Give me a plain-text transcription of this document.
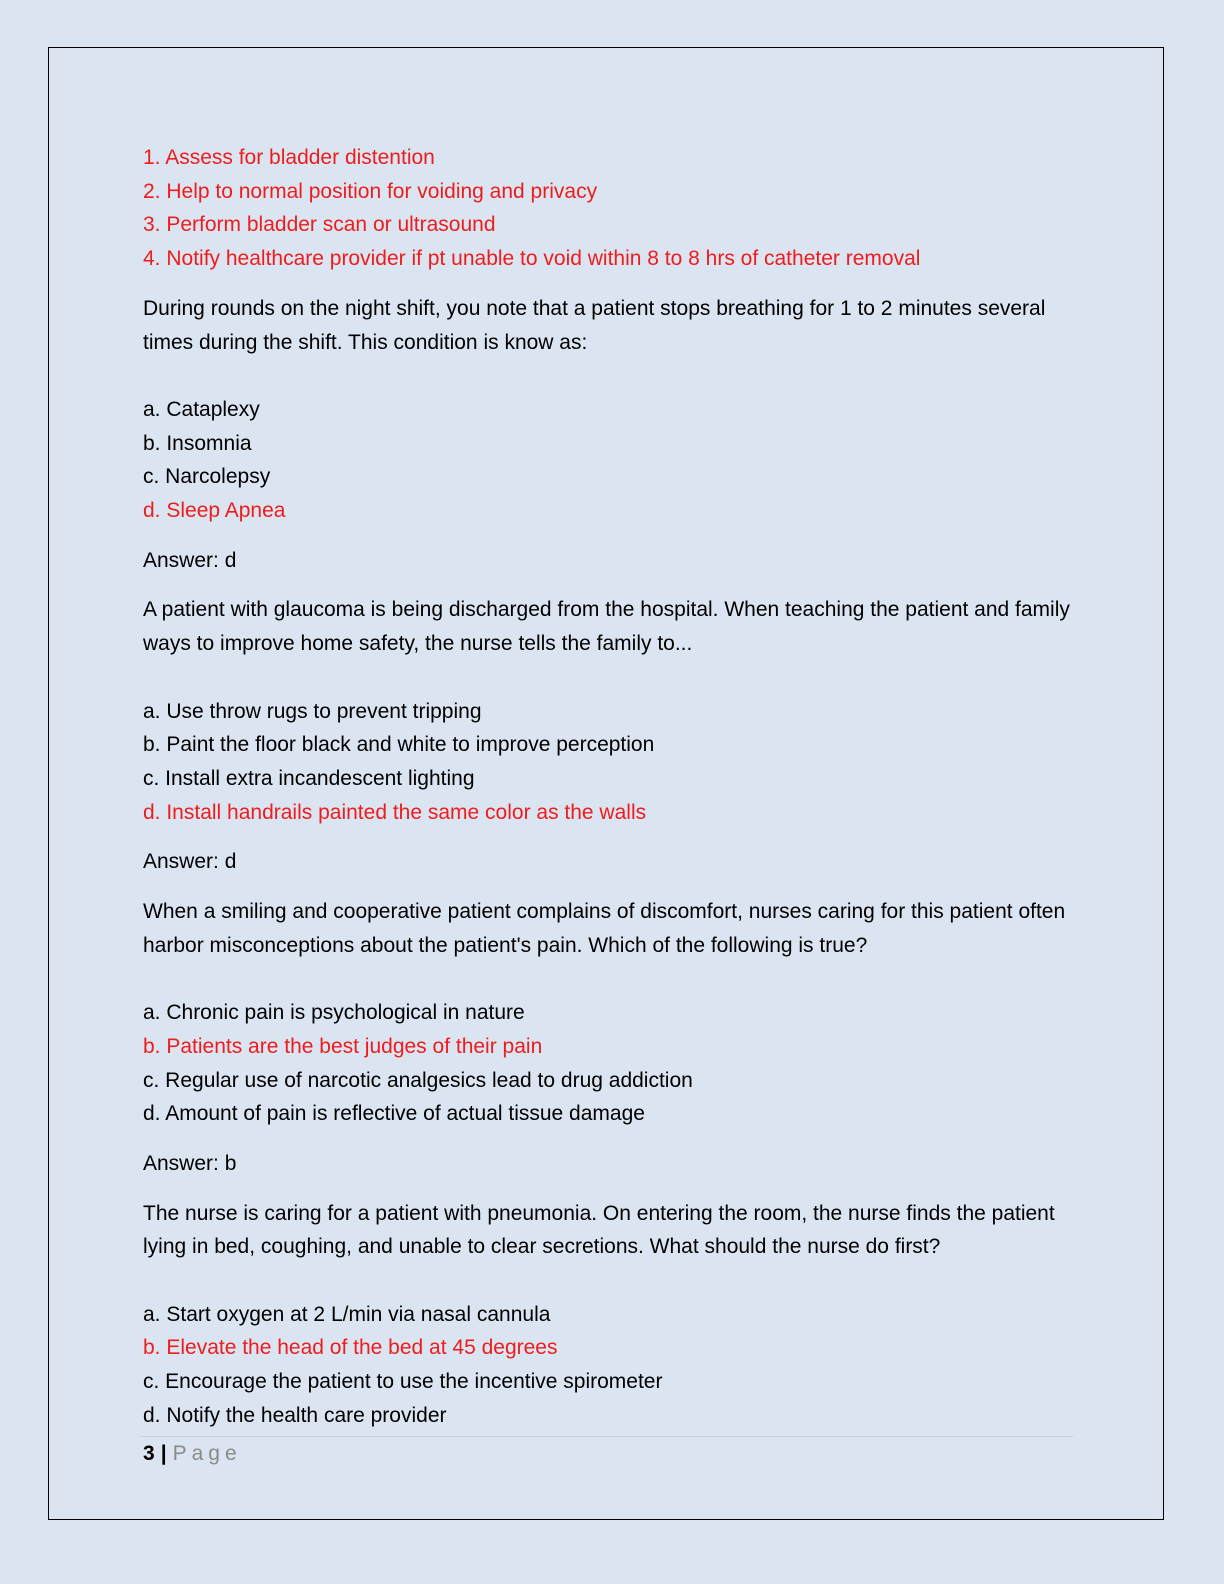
1. Assess for bladder distention
2. Help to normal position for voiding and privacy
3. Perform bladder scan or ultrasound
4. Notify healthcare provider if pt unable to void within 8 to 8 hrs of catheter removal
During rounds on the night shift, you note that a patient stops breathing for 1 to 2 minutes several times during the shift. This condition is know as:
a. Cataplexy
b. Insomnia
c. Narcolepsy
d. Sleep Apnea
Answer: d
A patient with glaucoma is being discharged from the hospital. When teaching the patient and family ways to improve home safety, the nurse tells the family to...
a. Use throw rugs to prevent tripping
b. Paint the floor black and white to improve perception
c. Install extra incandescent lighting
d. Install handrails painted the same color as the walls
Answer: d
When a smiling and cooperative patient complains of discomfort, nurses caring for this patient often harbor misconceptions about the patient's pain. Which of the following is true?
a. Chronic pain is psychological in nature
b. Patients are the best judges of their pain
c. Regular use of narcotic analgesics lead to drug addiction
d. Amount of pain is reflective of actual tissue damage
Answer: b
The nurse is caring for a patient with pneumonia. On entering the room, the nurse finds the patient lying in bed, coughing, and unable to clear secretions. What should the nurse do first?
a. Start oxygen at 2 L/min via nasal cannula
b. Elevate the head of the bed at 45 degrees
c. Encourage the patient to use the incentive spirometer
d. Notify the health care provider
3 | Page
